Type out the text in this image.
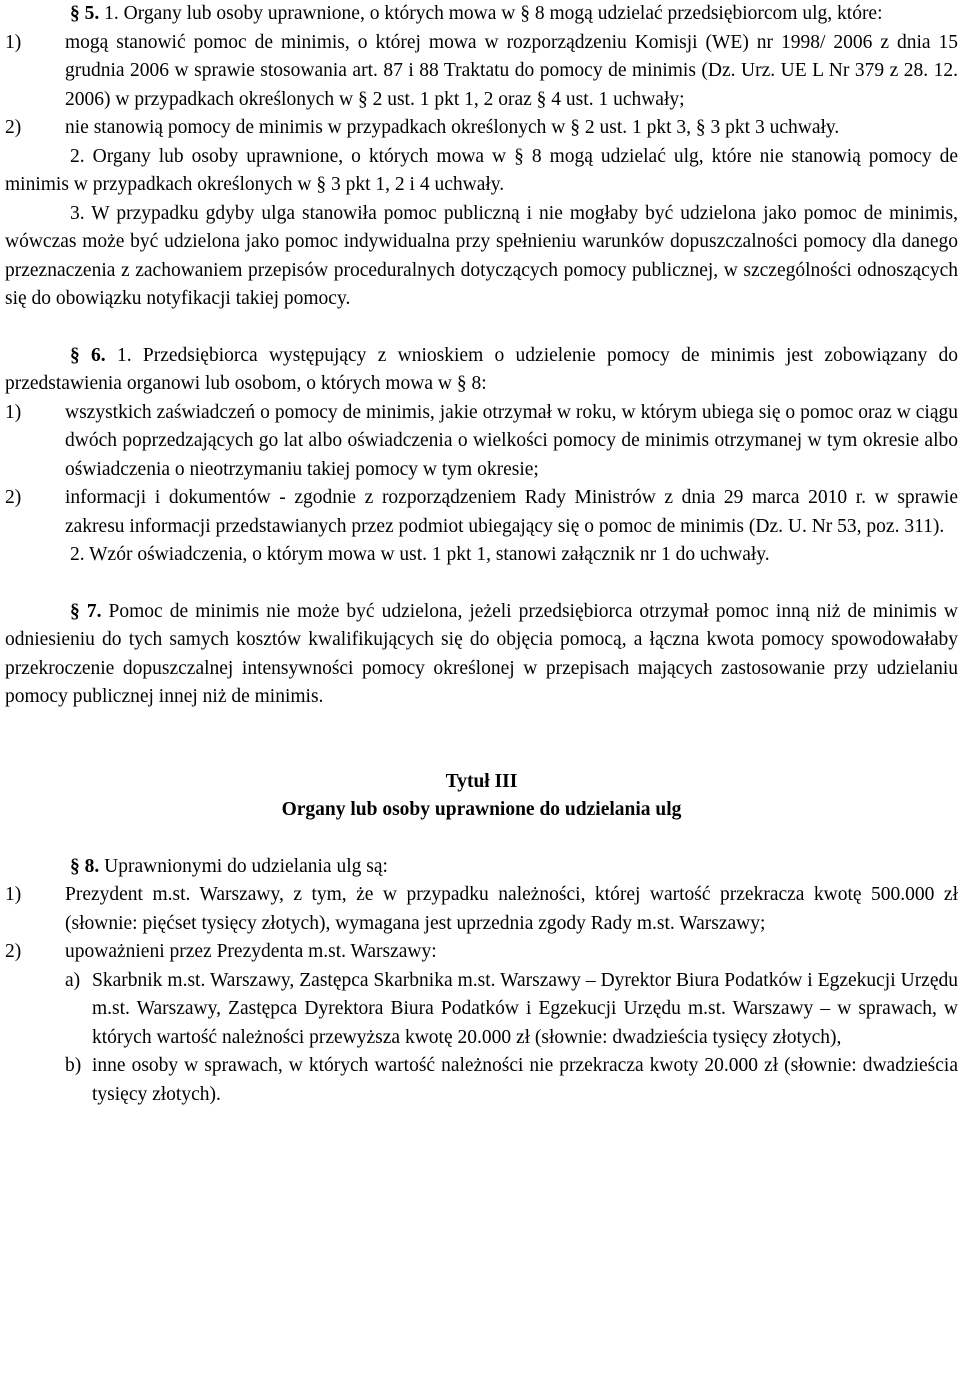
§ 5. 1. Organy lub osoby uprawnione, o których mowa w § 8 mogą udzielać przedsiębiorcom ulg, które:

1)	mogą stanowić pomoc de minimis, o której mowa w rozporządzeniu Komisji (WE) nr 1998/ 2006 z dnia 15 grudnia 2006 w sprawie stosowania art. 87 i 88 Traktatu do pomocy de minimis (Dz. Urz. UE L Nr 379 z 28. 12. 2006) w przypadkach określonych w § 2 ust. 1 pkt 1, 2 oraz § 4 ust. 1 uchwały;
2)	nie stanowią pomocy de minimis w przypadkach określonych w § 2 ust. 1 pkt 3, § 3 pkt 3 uchwały.

2. Organy lub osoby uprawnione, o których mowa w § 8 mogą udzielać ulg, które nie stanowią pomocy de minimis w przypadkach określonych w § 3 pkt 1, 2 i 4 uchwały.

3. W przypadku gdyby ulga stanowiła pomoc publiczną i nie mogłaby być udzielona jako pomoc de minimis, wówczas może być udzielona jako pomoc indywidualna przy spełnieniu warunków dopuszczalności pomocy dla danego przeznaczenia z zachowaniem przepisów proceduralnych dotyczących pomocy publicznej, w szczególności odnoszących się do obowiązku notyfikacji takiej pomocy.

§ 6. 1. Przedsiębiorca występujący z wnioskiem o udzielenie pomocy de minimis jest zobowiązany do przedstawienia organowi lub osobom, o których mowa w § 8:

1)	wszystkich zaświadczeń o pomocy de minimis, jakie otrzymał w roku, w którym ubiega się o pomoc oraz w ciągu dwóch poprzedzających go lat albo oświadczenia o wielkości pomocy de minimis otrzymanej w tym okresie albo oświadczenia o nieotrzymaniu takiej pomocy w tym okresie;
2)	informacji i dokumentów - zgodnie z rozporządzeniem Rady Ministrów z dnia 29 marca 2010 r. w sprawie zakresu informacji przedstawianych przez podmiot ubiegający się o pomoc de minimis (Dz. U. Nr 53, poz. 311).

2. Wzór oświadczenia, o którym mowa w ust. 1 pkt 1, stanowi załącznik nr 1 do uchwały.

§ 7. Pomoc de minimis nie może być udzielona, jeżeli przedsiębiorca otrzymał pomoc inną niż de minimis w odniesieniu do tych samych kosztów kwalifikujących się do objęcia pomocą, a łączna kwota pomocy spowodowałaby przekroczenie dopuszczalnej intensywności pomocy określonej w przepisach mających zastosowanie przy udzielaniu pomocy publicznej innej niż de minimis.

Tytuł III

Organy lub osoby uprawnione do udzielania ulg

§ 8. Uprawnionymi do udzielania ulg są:

1)	Prezydent m.st. Warszawy, z tym, że w przypadku należności, której wartość przekracza kwotę 500.000 zł (słownie: pięćset tysięcy złotych), wymagana jest uprzednia zgody Rady m.st. Warszawy;
2)	upoważnieni przez Prezydenta m.st. Warszawy:
a) Skarbnik m.st. Warszawy, Zastępca Skarbnika m.st. Warszawy – Dyrektor Biura Podatków i Egzekucji Urzędu m.st. Warszawy, Zastępca Dyrektora Biura Podatków i Egzekucji Urzędu m.st. Warszawy – w sprawach, w których wartość należności przewyższa kwotę 20.000 zł (słownie: dwadzieścia tysięcy złotych),
b) inne osoby w sprawach, w których wartość należności nie przekracza kwoty 20.000 zł (słownie: dwadzieścia tysięcy złotych).
